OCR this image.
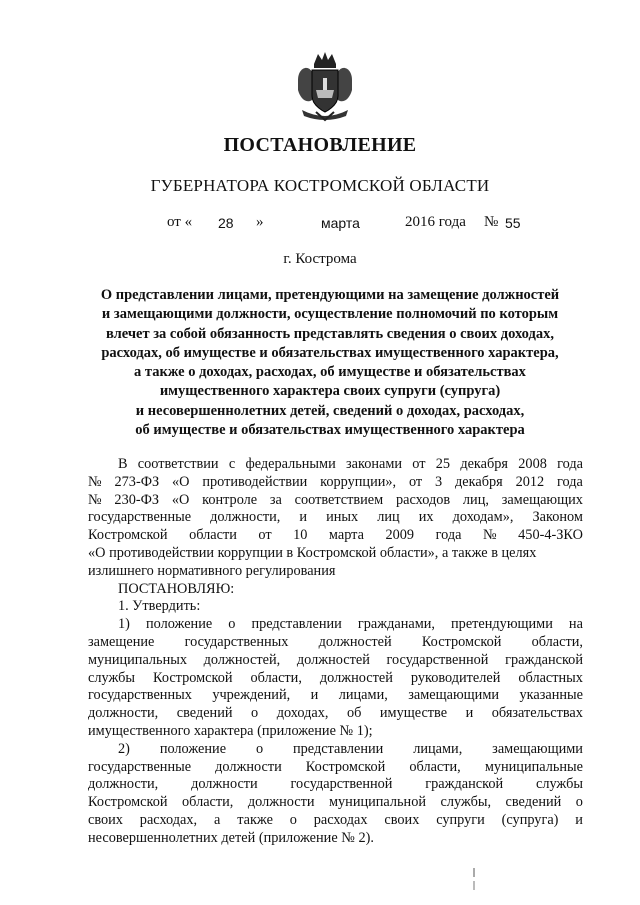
ПОСТАНОВЛЕНИЕ
ГУБЕРНАТОРА КОСТРОМСКОЙ ОБЛАСТИ
от « 28 »	марта	2016 года № 55
г. Кострома
О представлении лицами, претендующими на замещение должностей
и замещающими должности, осуществление полномочий по которым
влечет за собой обязанность представлять сведения о своих доходах,
расходах, об имуществе и обязательствах имущественного характера,
а также о доходах, расходах, об имуществе и обязательствах
имущественного характера своих супруги (супруга)
и несовершеннолетних детей, сведений о доходах, расходах,
об имуществе и обязательствах имущественного характера
В соответствии с федеральными законами от 25 декабря 2008 года
№ 273-ФЗ «О противодействии коррупции», от 3 декабря 2012 года
№ 230-ФЗ «О контроле за соответствием расходов лиц, замещающих
государственные должности, и иных лиц их доходам», Законом
Костромской области от 10 марта 2009 года № 450-4-ЗКО
«О противодействии коррупции в Костромской области», а также в целях
излишнего нормативного регулирования
ПОСТАНОВЛЯЮ:
1. Утвердить:
1) положение о представлении гражданами, претендующими на
замещение государственных должностей Костромской области,
муниципальных должностей, должностей государственной гражданской
службы Костромской области, должностей руководителей областных
государственных учреждений, и лицами, замещающими указанные
должности, сведений о доходах, об имуществе и обязательствах
имущественного характера (приложение № 1);
2) положение о представлении лицами, замещающими
государственные должности Костромской области, муниципальные
должности, должности государственной гражданской службы
Костромской области, должности муниципальной службы, сведений о
своих расходах, а также о расходах своих супруги (супруга) и
несовершеннолетних детей (приложение № 2).
